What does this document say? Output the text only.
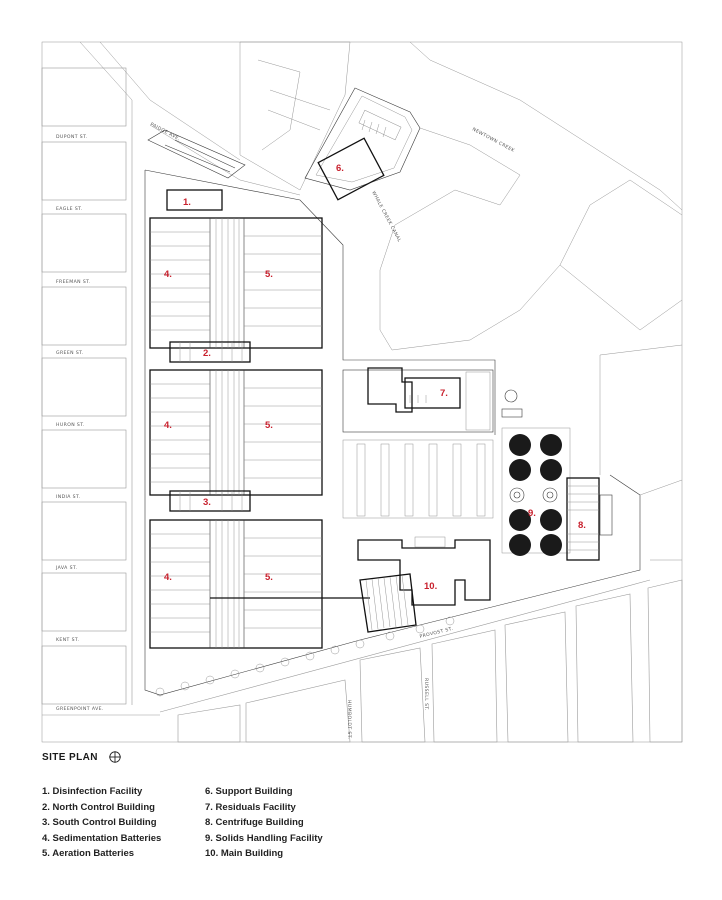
DUPONT ST.
EAGLE ST.
FREEMAN ST.
GREEN ST.
HURON ST.
INDIA ST.
JAVA ST.
KENT ST.
GREENPOINT AVE.
PAIDGE AVE.
6.
NEWTOWN CREEK
WHALE CREEK CANAL
1.
4.	5.
2.
4.	5.
3.
4.	5.
7.
9.
8.
10.
HUMBOLDT ST.
RUSSELL ST.
PROVOST ST.
SITE PLAN
1. Disinfection Facility
2. North Control Building
3. South Control Building
4. Sedimentation Batteries
5. Aeration Batteries
6. Support Building
7. Residuals Facility
8. Centrifuge Building
9. Solids Handling Facility
10. Main Building
